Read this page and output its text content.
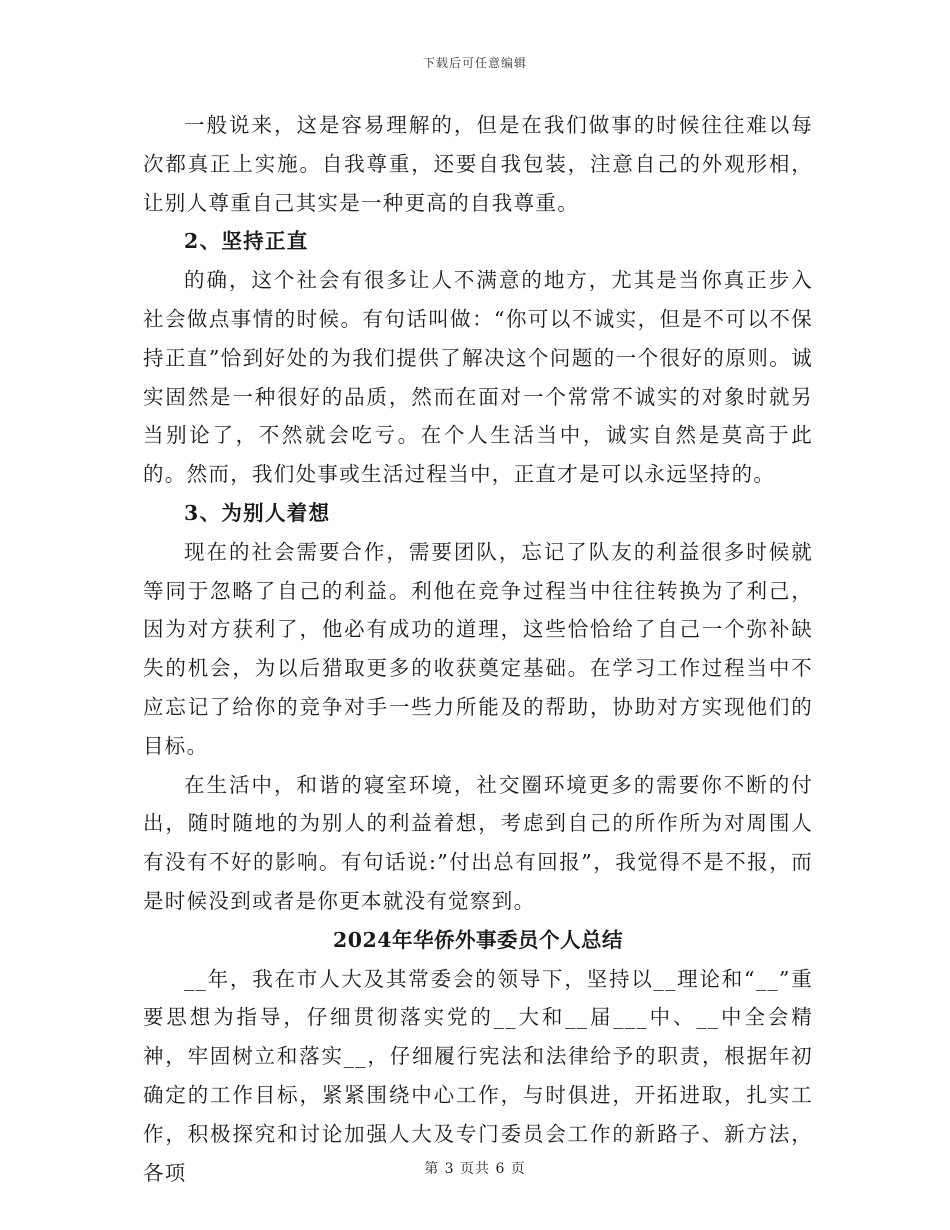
下载后可任意编辑

一般说来，这是容易理解的，但是在我们做事的时候往往难以每次都真正上实施。自我尊重，还要自我包装，注意自己的外观形相，让别人尊重自己其实是一种更高的自我尊重。

2、坚持正直

的确，这个社会有很多让人不满意的地方，尤其是当你真正步入社会做点事情的时候。有句话叫做：“你可以不诚实，但是不可以不保持正直”恰到好处的为我们提供了解决这个问题的一个很好的原则。诚实固然是一种很好的品质，然而在面对一个常常不诚实的对象时就另当别论了，不然就会吃亏。在个人生活当中，诚实自然是莫高于此的。然而，我们处事或生活过程当中，正直才是可以永远坚持的。

3、为别人着想

现在的社会需要合作，需要团队，忘记了队友的利益很多时候就等同于忽略了自己的利益。利他在竞争过程当中往往转换为了利己，因为对方获利了，他必有成功的道理，这些恰恰给了自己一个弥补缺失的机会，为以后猎取更多的收获奠定基础。在学习工作过程当中不应忘记了给你的竞争对手一些力所能及的帮助，协助对方实现他们的目标。

在生活中，和谐的寝室环境，社交圈环境更多的需要你不断的付出，随时随地的为别人的利益着想，考虑到自己的所作所为对周围人有没有不好的影响。有句话说:”付出总有回报”，我觉得不是不报，而是时候没到或者是你更本就没有觉察到。

2024年华侨外事委员个人总结

__年，我在市人大及其常委会的领导下，坚持以__理论和“__”重要思想为指导，仔细贯彻落实党的__大和__届___中、__中全会精神，牢固树立和落实__，仔细履行宪法和法律给予的职责，根据年初确定的工作目标，紧紧围绕中心工作，与时俱进，开拓进取，扎实工作，积极探究和讨论加强人大及专门委员会工作的新路子、新方法，各项	第 3 页共 6 页
